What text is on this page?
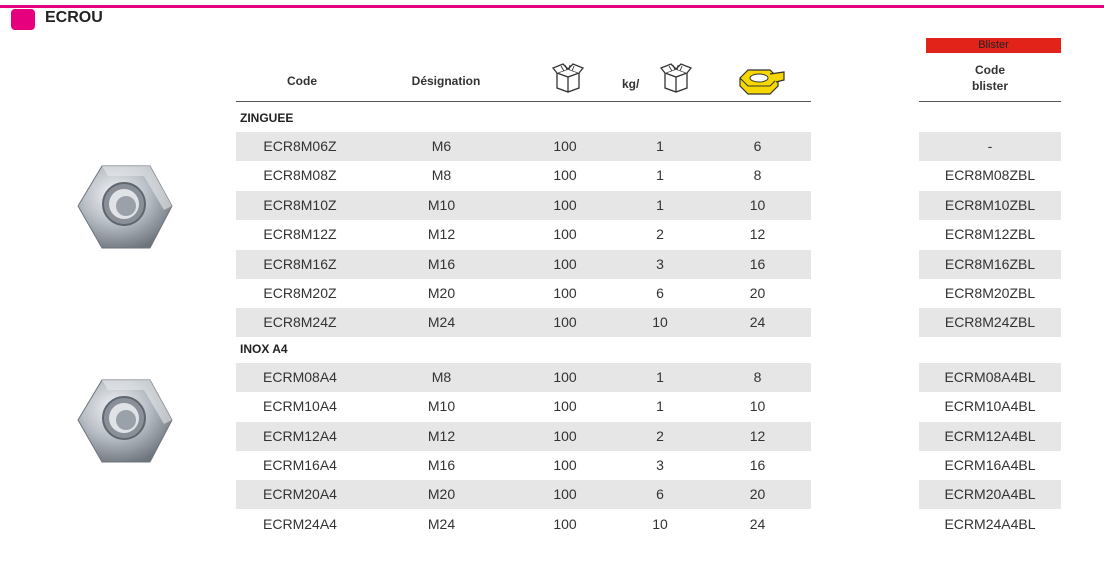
ECROU
Code	Désignation	kg/
Blister
Code
blister
ZINGUEE
ECR8M06Z	M6	100	1	6	-
ECR8M08Z	M8	100	1	8	ECR8M08ZBL
ECR8M10Z	M10	100	1	10	ECR8M10ZBL
ECR8M12Z	M12	100	2	12	ECR8M12ZBL
ECR8M16Z	M16	100	3	16	ECR8M16ZBL
ECR8M20Z	M20	100	6	20	ECR8M20ZBL
ECR8M24Z	M24	100	10	24	ECR8M24ZBL
INOX A4
ECRM08A4	M8	100	1	8	ECRM08A4BL
ECRM10A4	M10	100	1	10	ECRM10A4BL
ECRM12A4	M12	100	2	12	ECRM12A4BL
ECRM16A4	M16	100	3	16	ECRM16A4BL
ECRM20A4	M20	100	6	20	ECRM20A4BL
ECRM24A4	M24	100	10	24	ECRM24A4BL
